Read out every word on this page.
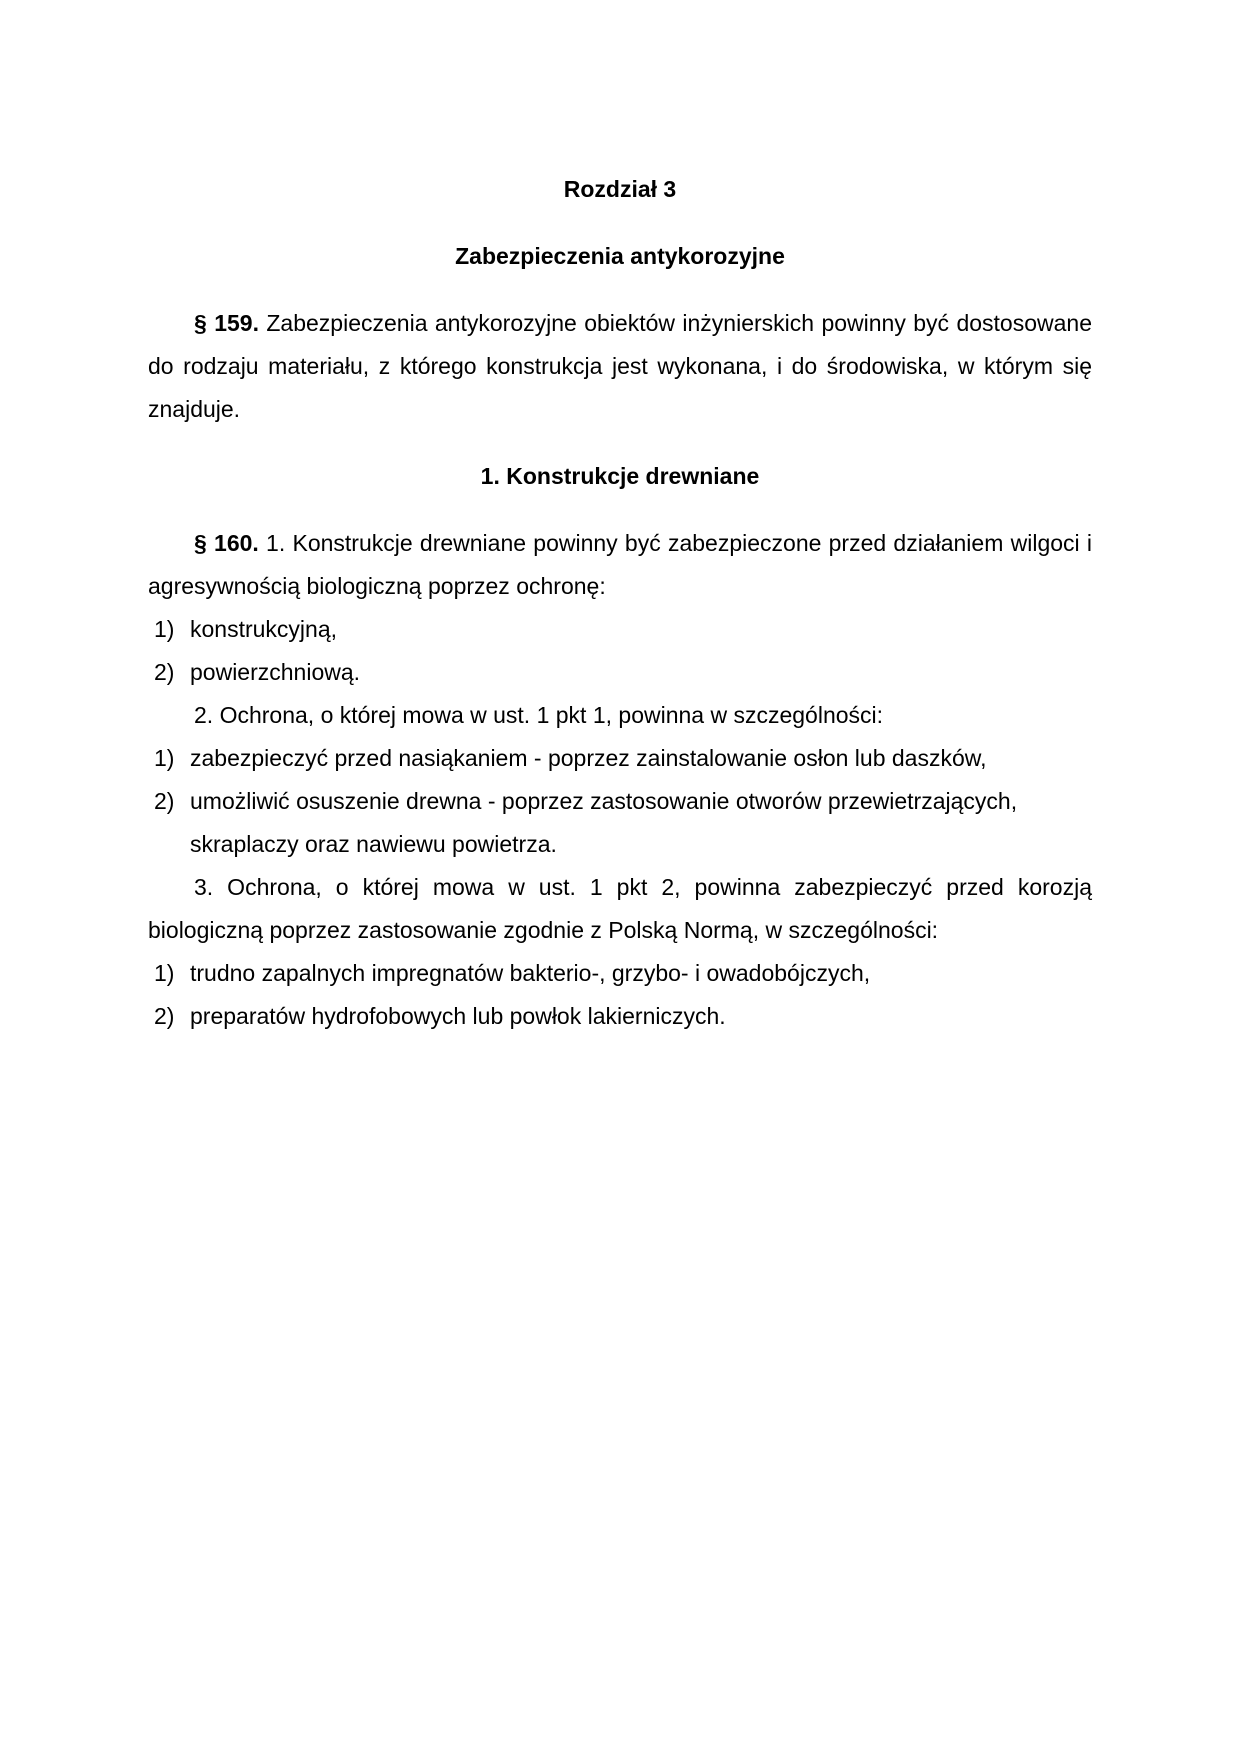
Rozdział 3

Zabezpieczenia antykorozyjne

§ 159. Zabezpieczenia antykorozyjne obiektów inżynierskich powinny być dostosowane do rodzaju materiału, z którego konstrukcja jest wykonana, i do środowiska, w którym się znajduje.

1. Konstrukcje drewniane

§ 160. 1. Konstrukcje drewniane powinny być zabezpieczone przed działaniem wilgoci i agresywnością biologiczną poprzez ochronę:

1) konstrukcyjną,
2) powierzchniową.

2. Ochrona, o której mowa w ust. 1 pkt 1, powinna w szczególności:

1) zabezpieczyć przed nasiąkaniem - poprzez zainstalowanie osłon lub daszków,
2) umożliwić osuszenie drewna - poprzez zastosowanie otworów przewietrzających, skraplaczy oraz nawiewu powietrza.

3. Ochrona, o której mowa w ust. 1 pkt 2, powinna zabezpieczyć przed korozją biologiczną poprzez zastosowanie zgodnie z Polską Normą, w szczególności:

1) trudno zapalnych impregnatów bakterio-, grzybo- i owadobójczych,
2) preparatów hydrofobowych lub powłok lakierniczych.
